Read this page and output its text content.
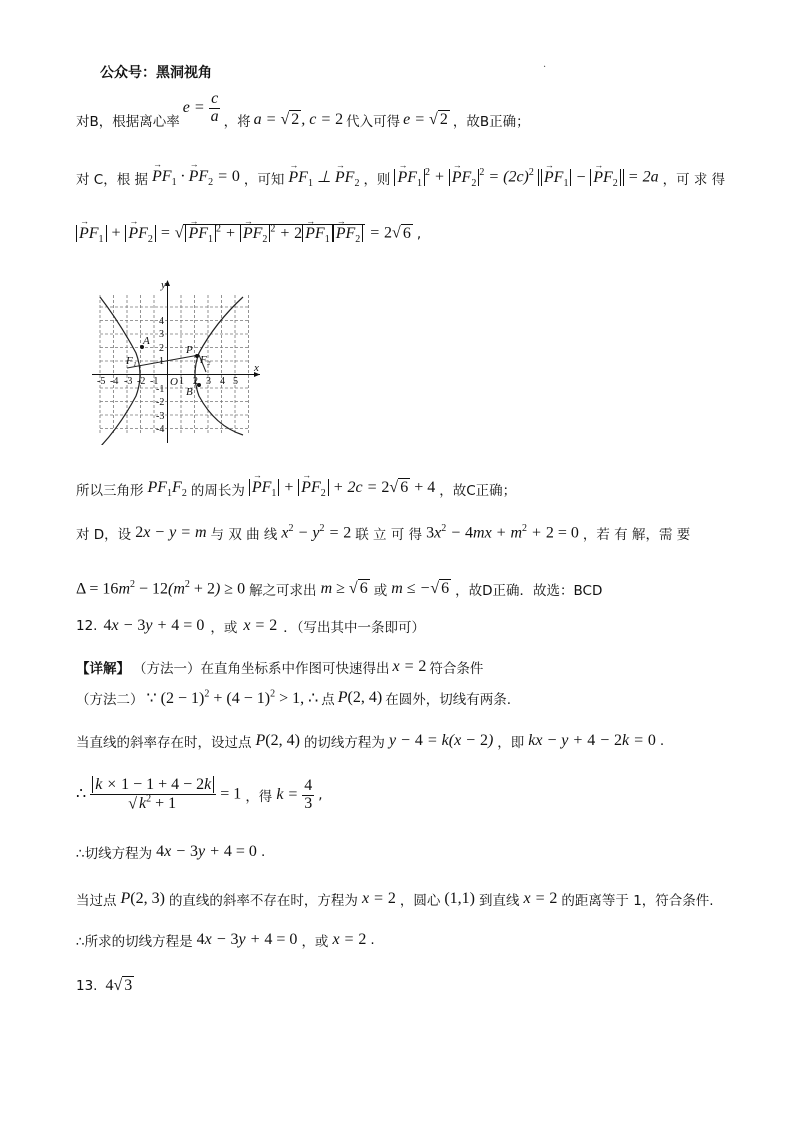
公众号：黑洞视角	·
对B，根据离心率
$e = \frac{c}{a}$ ，将 a = √ 2 , c = 2 代入可得 e = √ 2 ，故B正确；
对 C，根 据 → $PF_1$ · → $PF_2 = 0$ ，可知 → $PF_1$ ⊥ → $PF_2$ ，则 → $PF_1^2$ + → $PF_2^2 = (2c)^2 \to PF_1$ − → $PF_2 = 2a$ ，可 求 得
→ $PF_1$ + → $PF_2$ = √ → $PF_1^2$ + → $PF_2^2 + 2 \to PF_1 \to PF_2 = 2√$ 6 ,
y
x
O
F₁	F₂
A
P
B
-5 -4 -3 -2 -1 1 2 3 4 5
4
3
2
1
-1
-2
-3
-4
所以三角形 $PF_1F_2$ 的周长为 → $PF_1$ + → $PF_2 + 2c = 2√$ 6 + 4 ，故C正确；
对 D，设 2x − y = m 与 双 曲 线 $x^2 - y^2 = 2$ 联 立 可 得 $3x^2 - 4mx + m^2 + 2 = 0$ ，若 有 解，需 要
$\Delta = 16m^2 - 12(m^2 + 2) \ge 0$ 解之可求出 m ≥ √ 6 或 m ≤ −√ 6 ，故D正确．故选：BCD
12. 4x − 3y + 4 = 0 ，或 x = 2 ．（写出其中一条即可）
【详解】 （方法一）在直角坐标系中作图可快速得出 x = 2 符合条件
（方法二） ∵ $(2 - 1)^2 + (4 - 1)^2 > 1$, ∴ 点 P(2, 4) 在圆外，切线有两条.
当直线的斜率存在时，设过点 P(2, 4) 的切线方程为 y − 4 = k(x − 2) ，即 kx − y + 4 − 2k = 0 .
∴ $\frac{k \times 1 - 1 + 4 - 2k}{√ k^2 + 1} = 1$ ，得 $k = \frac{4}{3}$ ,
∴切线方程为 4x − 3y + 4 = 0 .
当过点 P(2, 3) 的直线的斜率不存在时，方程为 x = 2 ，圆心 (1,1) 到直线 x = 2 的距离等于 1，符合条件.
∴所求的切线方程是 4x − 3y + 4 = 0 ，或 x = 2 .
13. 4√ 3
